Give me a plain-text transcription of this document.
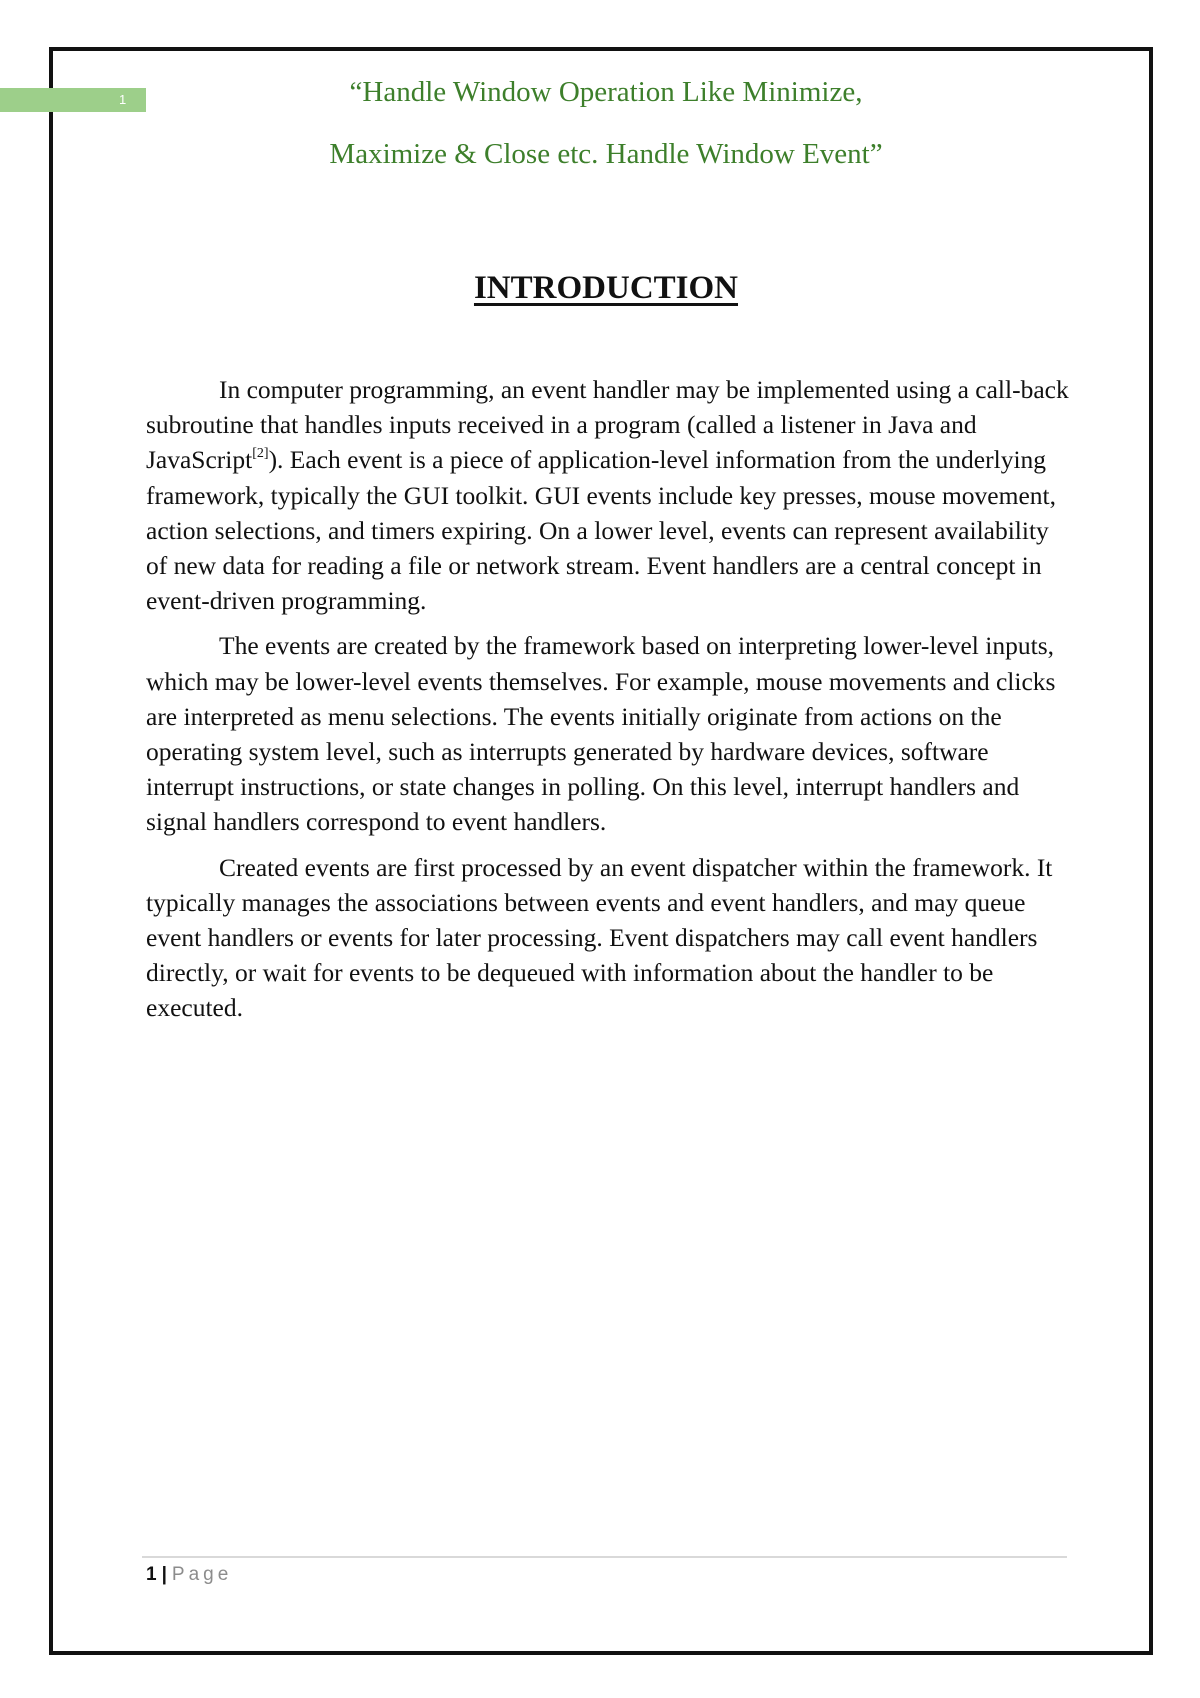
1	“Handle Window Operation Like Minimize,
Maximize & Close etc. Handle Window Event”
INTRODUCTION

In computer programming, an event handler may be implemented using a call-back subroutine that handles inputs received in a program (called a listener in Java and JavaScript[2]). Each event is a piece of application-level information from the underlying framework, typically the GUI toolkit. GUI events include key presses, mouse movement, action selections, and timers expiring. On a lower level, events can represent availability of new data for reading a file or network stream. Event handlers are a central concept in event-driven programming.

The events are created by the framework based on interpreting lower-level inputs, which may be lower-level events themselves. For example, mouse movements and clicks are interpreted as menu selections. The events initially originate from actions on the operating system level, such as interrupts generated by hardware devices, software interrupt instructions, or state changes in polling. On this level, interrupt handlers and signal handlers correspond to event handlers.

Created events are first processed by an event dispatcher within the framework. It typically manages the associations between events and event handlers, and may queue event handlers or events for later processing. Event dispatchers may call event handlers directly, or wait for events to be dequeued with information about the handler to be executed.

1 | Page
